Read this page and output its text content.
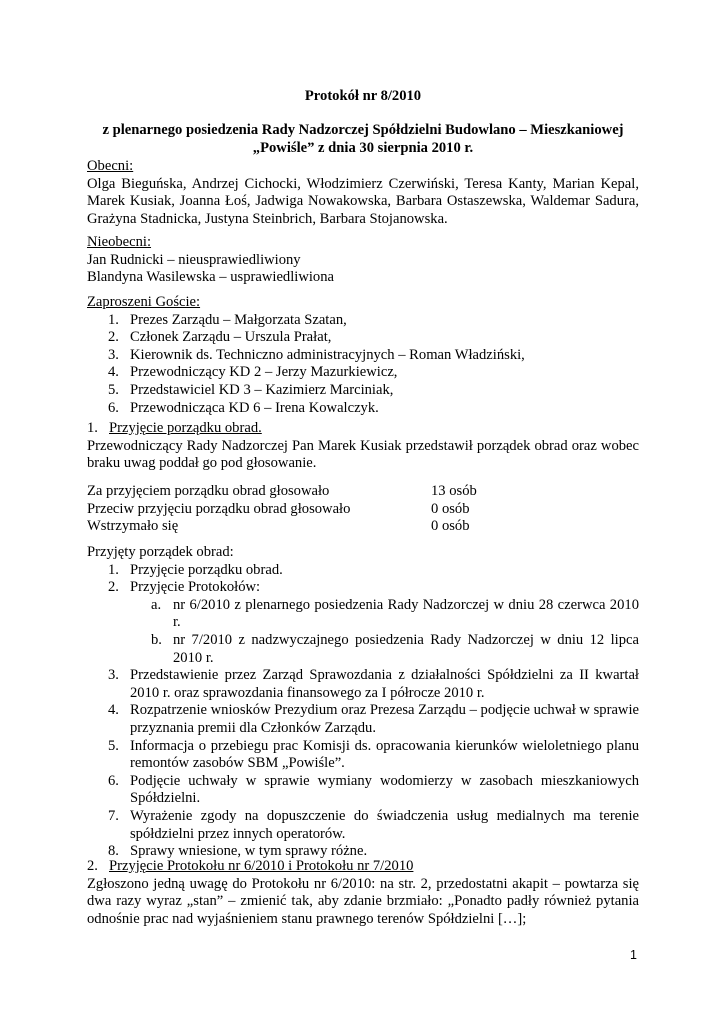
Protokół nr 8/2010
z plenarnego posiedzenia Rady Nadzorczej Spółdzielni Budowlano – Mieszkaniowej
„Powiśle” z dnia 30 sierpnia 2010 r.
Obecni:
Olga Bieguńska, Andrzej Cichocki, Włodzimierz Czerwiński, Teresa Kanty, Marian Kepal, Marek Kusiak, Joanna Łoś, Jadwiga Nowakowska, Barbara Ostaszewska, Waldemar Sadura, Grażyna Stadnicka, Justyna Steinbrich, Barbara Stojanowska.
Nieobecni:
Jan Rudnicki – nieusprawiedliwiony
Blandyna Wasilewska – usprawiedliwiona
Zaproszeni Goście:
1. Prezes Zarządu – Małgorzata Szatan,
2. Członek Zarządu – Urszula Prałat,
3. Kierownik ds. Techniczno administracyjnych – Roman Władziński,
4. Przewodniczący KD 2 – Jerzy Mazurkiewicz,
5. Przedstawiciel KD 3 – Kazimierz Marciniak,
6. Przewodnicząca KD 6 – Irena Kowalczyk.
1. Przyjęcie porządku obrad.
Przewodniczący Rady Nadzorczej Pan Marek Kusiak przedstawił porządek obrad oraz wobec braku uwag poddał go pod głosowanie.
Za przyjęciem porządku obrad głosowało	13 osób
Przeciw przyjęciu porządku obrad głosowało	0 osób
Wstrzymało się	0 osób
Przyjęty porządek obrad:
1. Przyjęcie porządku obrad.
2. Przyjęcie Protokołów:
a. nr 6/2010 z plenarnego posiedzenia Rady Nadzorczej w dniu 28 czerwca 2010 r.
b. nr 7/2010 z nadzwyczajnego posiedzenia Rady Nadzorczej w dniu 12 lipca 2010 r.
3. Przedstawienie przez Zarząd Sprawozdania z działalności Spółdzielni za II kwartał 2010 r. oraz sprawozdania finansowego za I półrocze 2010 r.
4. Rozpatrzenie wniosków Prezydium oraz Prezesa Zarządu – podjęcie uchwał w sprawie przyznania premii dla Członków Zarządu.
5. Informacja o przebiegu prac Komisji ds. opracowania kierunków wieloletniego planu remontów zasobów SBM „Powiśle”.
6. Podjęcie uchwały w sprawie wymiany wodomierzy w zasobach mieszkaniowych Spółdzielni.
7. Wyrażenie zgody na dopuszczenie do świadczenia usług medialnych ma terenie spółdzielni przez innych operatorów.
8. Sprawy wniesione, w tym sprawy różne.
2. Przyjęcie Protokołu nr 6/2010 i Protokołu nr 7/2010
Zgłoszono jedną uwagę do Protokołu nr 6/2010: na str. 2, przedostatni akapit – powtarza się dwa razy wyraz „stan” – zmienić tak, aby zdanie brzmiało: „Ponadto padły również pytania odnośnie prac nad wyjaśnieniem stanu prawnego terenów Spółdzielni […];
1
